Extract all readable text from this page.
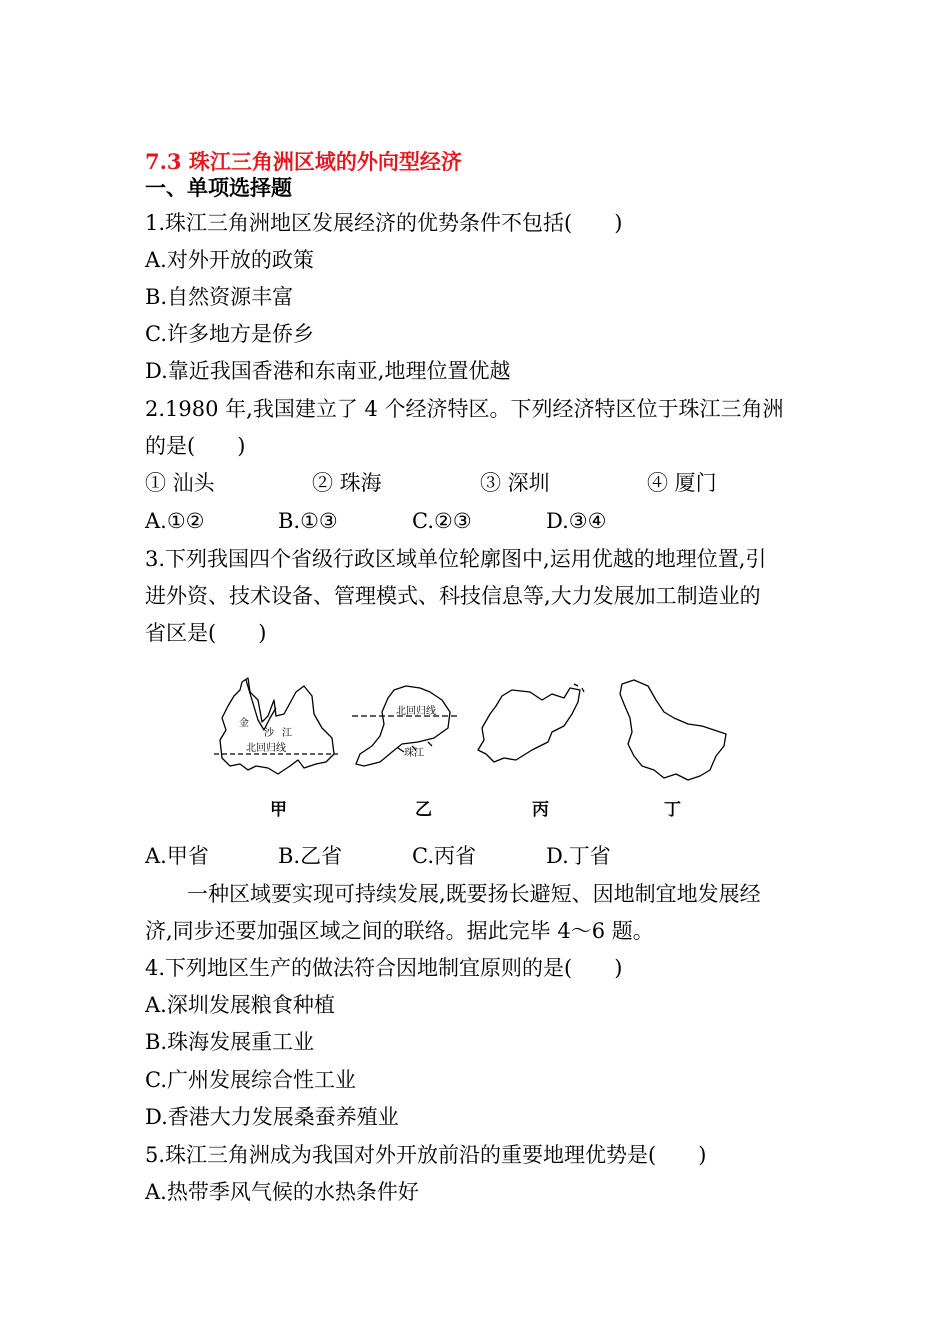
7.3 珠江三角洲区域的外向型经济
一、单项选择题
1.珠江三角洲地区发展经济的优势条件不包括(　　)
A.对外开放的政策
B.自然资源丰富
C.许多地方是侨乡
D.靠近我国香港和东南亚,地理位置优越
2.1980 年,我国建立了 4 个经济特区。下列经济特区位于珠江三角洲
的是(　　)
① 汕头	② 珠海	③ 深圳	④ 厦门
A.①②	B.①③	C.②③	D.③④
3.下列我国四个省级行政区域单位轮廓图中,运用优越的地理位置,引
进外资、技术设备、管理模式、科技信息等,大力发展加工制造业的
省区是(　　)
金
沙 江
北回归线
北回归线
珠江
甲	乙	丙	丁
A.甲省	B.乙省	C.丙省	D.丁省
一种区域要实现可持续发展,既要扬长避短、因地制宜地发展经
济,同步还要加强区域之间的联络。据此完毕 4～6 题。
4.下列地区生产的做法符合因地制宜原则的是(　　)
A.深圳发展粮食种植
B.珠海发展重工业
C.广州发展综合性工业
D.香港大力发展桑蚕养殖业
5.珠江三角洲成为我国对外开放前沿的重要地理优势是(　　)
A.热带季风气候的水热条件好
